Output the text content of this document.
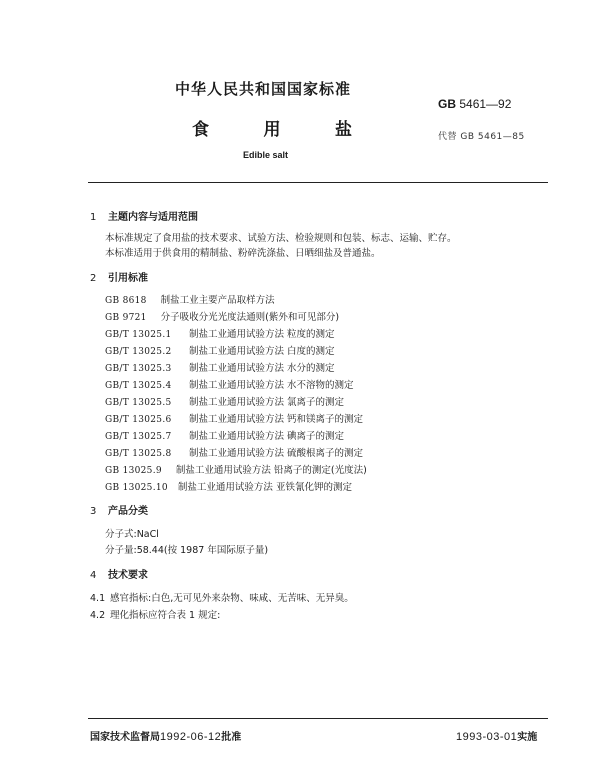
中华人民共和国国家标准
GB 5461—92
食	用	盐	代替 GB 5461—85
Edible salt
1 主题内容与适用范围
本标准规定了食用盐的技术要求、试验方法、检验规则和包装、标志、运输、贮存。
本标准适用于供食用的精制盐、粉碎洗涤盐、日晒细盐及普通盐。
2 引用标准
GB 8618 制盐工业主要产品取样方法
GB 9721 分子吸收分光光度法通则(紫外和可见部分)
GB/T 13025.1 制盐工业通用试验方法 粒度的测定
GB/T 13025.2 制盐工业通用试验方法 白度的测定
GB/T 13025.3 制盐工业通用试验方法 水分的测定
GB/T 13025.4 制盐工业通用试验方法 水不溶物的测定
GB/T 13025.5 制盐工业通用试验方法 氯离子的测定
GB/T 13025.6 制盐工业通用试验方法 钙和镁离子的测定
GB/T 13025.7 制盐工业通用试验方法 碘离子的测定
GB/T 13025.8 制盐工业通用试验方法 硫酸根离子的测定
GB 13025.9 制盐工业通用试验方法 铅离子的测定(光度法)
GB 13025.10 制盐工业通用试验方法 亚铁氰化钾的测定
3 产品分类
分子式:NaCl
分子量:58.44(按 1987 年国际原子量)
4 技术要求
4.1 感官指标:白色,无可见外来杂物、味咸、无苦味、无异臭。
4.2 理化指标应符合表 1 规定:
国家技术监督局1992-06-12批准	1993-03-01实施
